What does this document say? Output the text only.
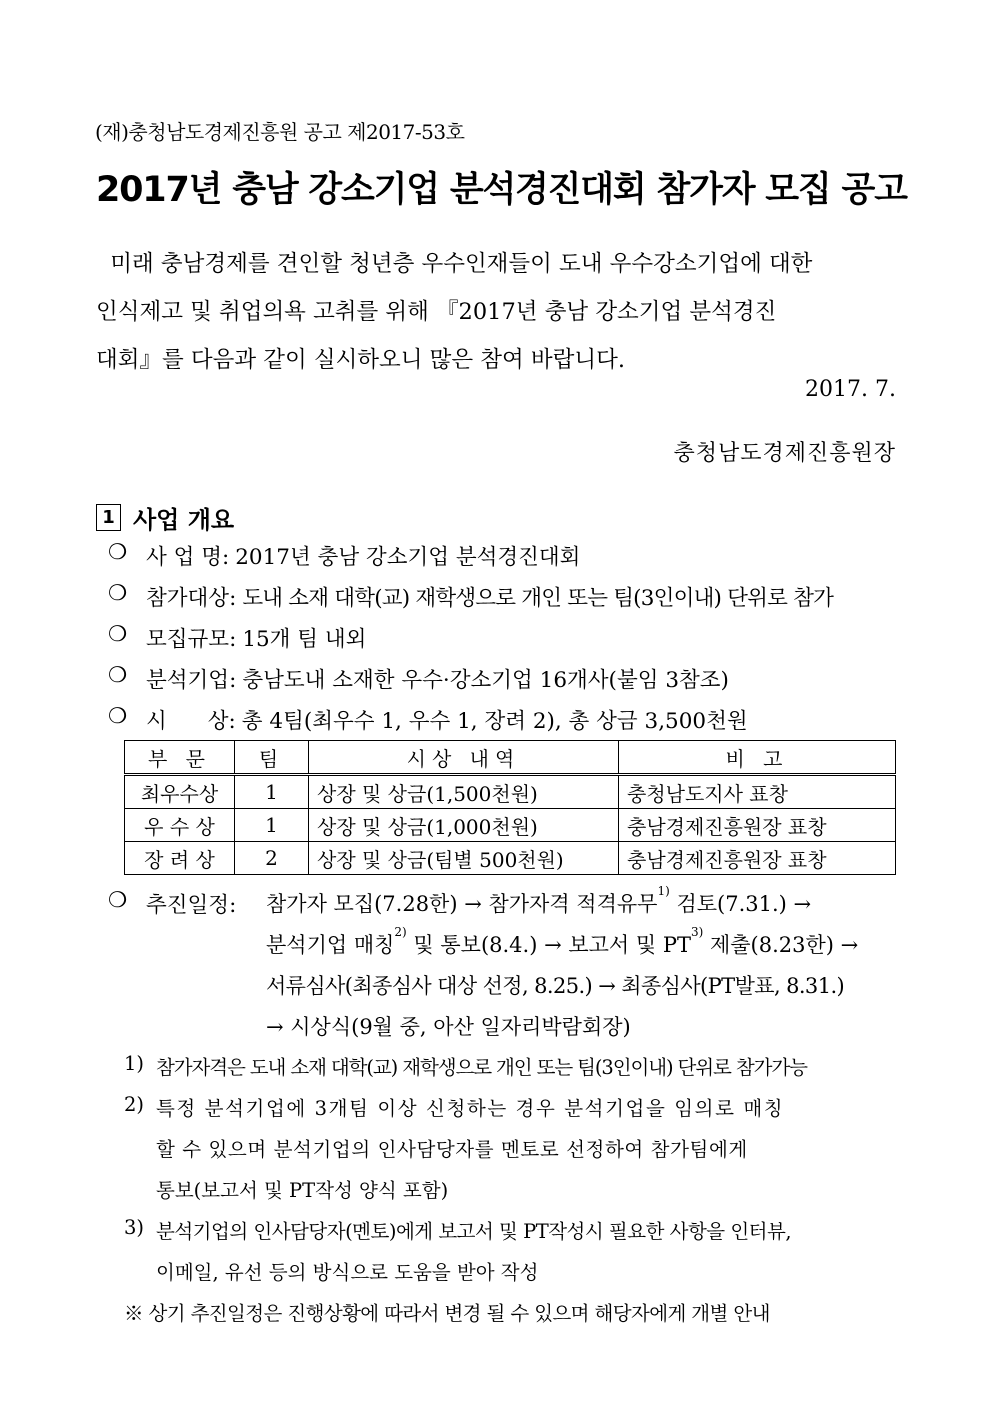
(재)충청남도경제진흥원 공고 제2017-53호
2017년 충남 강소기업 분석경진대회 참가자 모집 공고
미래 충남경제를 견인할 청년층 우수인재들이 도내 우수강소기업에 대한
인식제고 및 취업의욕 고취를 위해 『2017년 충남 강소기업 분석경진
대회』를 다음과 같이 실시하오니 많은 참여 바랍니다.
2017. 7.
충청남도경제진흥원장
1 사업 개요
❍ 사 업 명: 2017년 충남 강소기업 분석경진대회
❍ 참가대상: 도내 소재 대학(교) 재학생으로 개인 또는 팀(3인이내) 단위로 참가
❍ 모집규모: 15개 팀 내외
❍ 분석기업: 충남도내 소재한 우수·강소기업 16개사(붙임 3참조)
❍ 시      상: 총 4팀(최우수 1, 우수 1, 장려 2), 총 상금 3,500천원
부 문	팀	시상 내역	비 고
최우수상	1	상장 및 상금(1,500천원)	충청남도지사 표창
우 수 상	1	상장 및 상금(1,000천원)	충남경제진흥원장 표창
장 려 상	2	상장 및 상금(팀별 500천원)	충남경제진흥원장 표창
❍ 추진일정: 참가자 모집(7.28한) → 참가자격 적격유무$^{1)}$ 검토(7.31.) →
분석기업 매칭$^{2)}$ 및 통보(8.4.) → 보고서 및 PT$^{3)}$ 제출(8.23한) →
서류심사(최종심사 대상 선정, 8.25.) → 최종심사(PT발표, 8.31.)
→ 시상식(9월 중, 아산 일자리박람회장)
1) 참가자격은 도내 소재 대학(교) 재학생으로 개인 또는 팀(3인이내) 단위로 참가가능
2) 특정 분석기업에 3개팀 이상 신청하는 경우 분석기업을 임의로 매칭
할 수 있으며 분석기업의 인사담당자를 멘토로 선정하여 참가팀에게
통보(보고서 및 PT작성 양식 포함)
3) 분석기업의 인사담당자(멘토)에게 보고서 및 PT작성시 필요한 사항을 인터뷰,
이메일, 유선 등의 방식으로 도움을 받아 작성
※ 상기 추진일정은 진행상황에 따라서 변경 될 수 있으며 해당자에게 개별 안내
